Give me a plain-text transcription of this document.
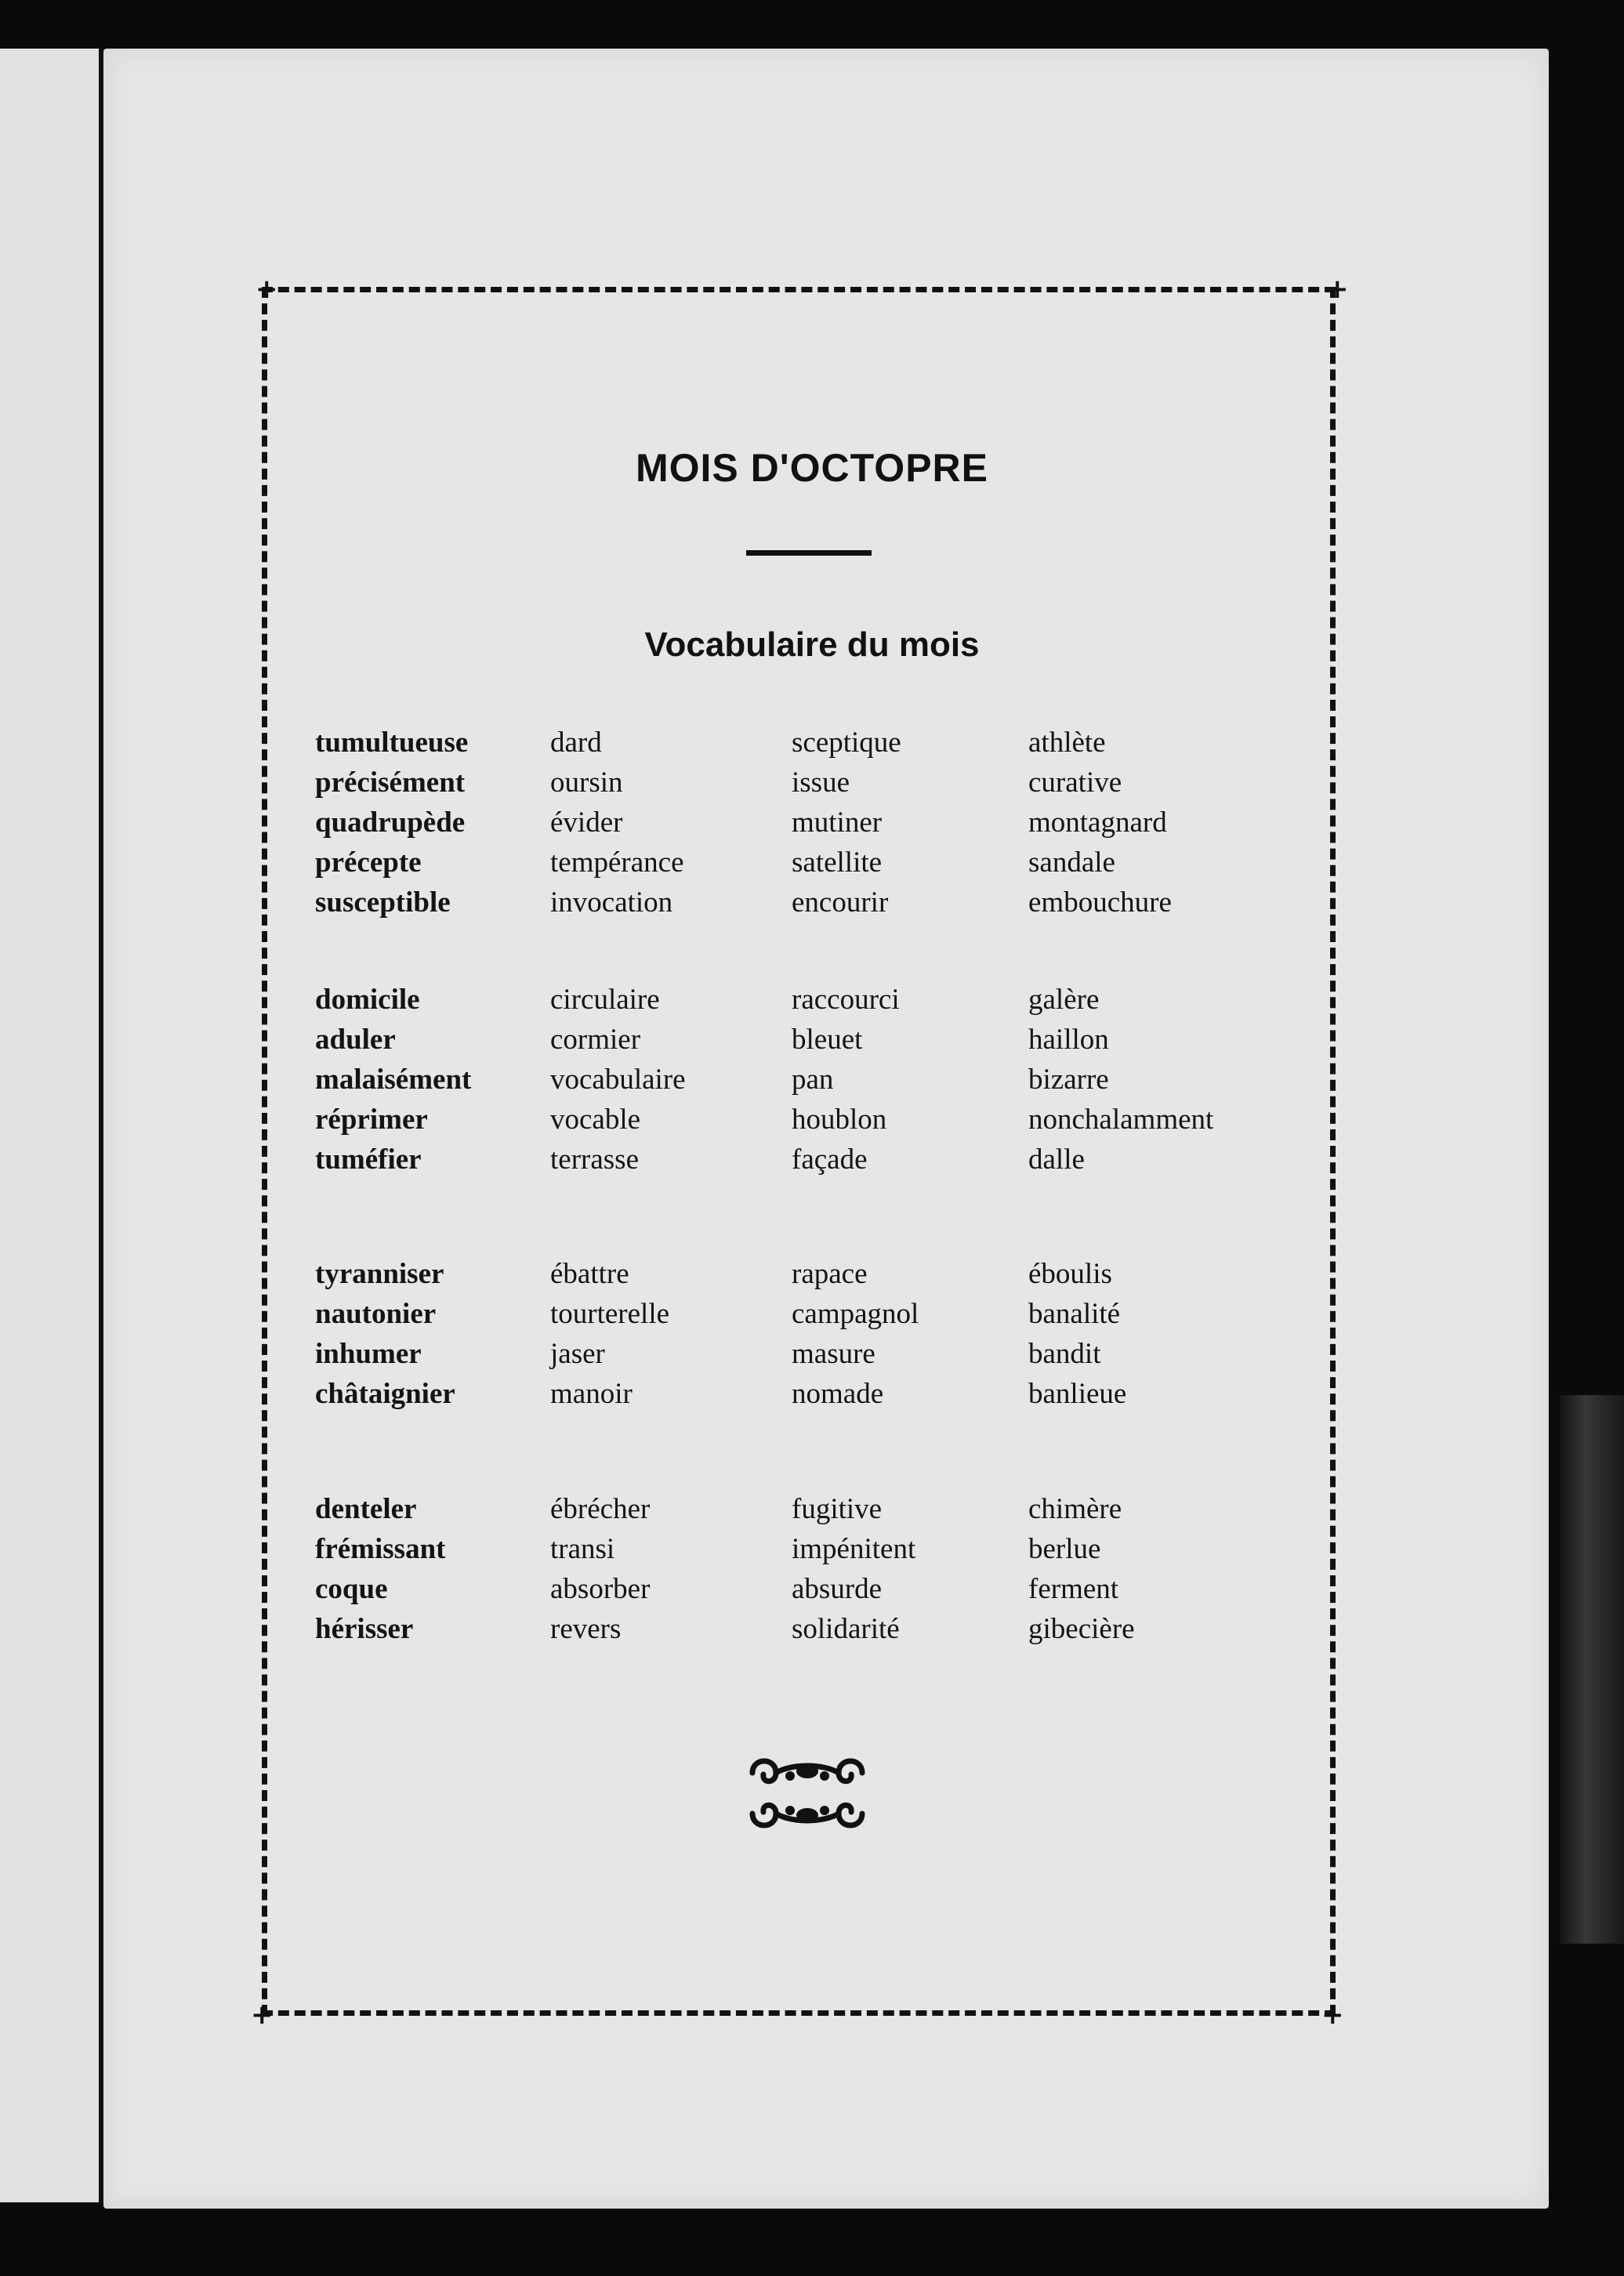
+	+
+	+
MOIS D'OCTOPRE
Vocabulaire du mois
tumultueuse
précisément
quadrupède
précepte
susceptible
dard
oursin
évider
tempérance
invocation
sceptique
issue
mutiner
satellite
encourir
athlète
curative
montagnard
sandale
embouchure
domicile
aduler
malaisément
réprimer
tuméfier
circulaire
cormier
vocabulaire
vocable
terrasse
raccourci
bleuet
pan
houblon
façade
galère
haillon
bizarre
nonchalamment
dalle
tyranniser
nautonier
inhumer
châtaignier
ébattre
tourterelle
jaser
manoir
rapace
campagnol
masure
nomade
éboulis
banalité
bandit
banlieue
denteler
frémissant
coque
hérisser
ébrécher
transi
absorber
revers
fugitive
impénitent
absurde
solidarité
chimère
berlue
ferment
gibecière
